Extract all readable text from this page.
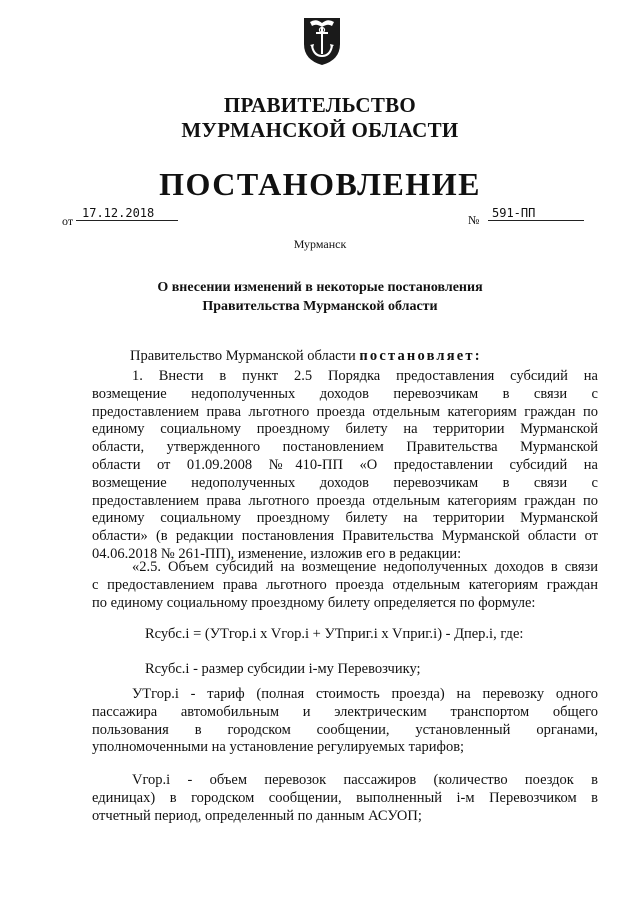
ПРАВИТЕЛЬСТВО
МУРМАНСКОЙ ОБЛАСТИ
ПОСТАНОВЛЕНИЕ
от
17.12.2018	№	591-ПП
Мурманск
О внесении изменений в некоторые постановления
Правительства Мурманской области
Правительство Мурманской области постановляет:
1. Внести в пункт 2.5 Порядка предоставления субсидий на
возмещение недополученных доходов перевозчикам в связи с
предоставлением права льготного проезда отдельным категориям граждан по
единому социальному проездному билету на территории Мурманской
области, утвержденного постановлением Правительства Мурманской
области от 01.09.2008 №410-ПП «О предоставлении субсидий на
возмещение недополученных доходов перевозчикам в связи с
предоставлением права льготного проезда отдельным категориям граждан по
единому социальному проездному билету на территории Мурманской
области» (в редакции постановления Правительства Мурманской области от
04.06.2018 № 261-ПП), изменение, изложив его в редакции:
«2.5. Объем субсидий на возмещение недополученных доходов в связи
с предоставлением права льготного проезда отдельным категориям граждан
по единому социальному проездному билету определяется по формуле:
Rсубс.i = (УТгор.i x Vгор.i + УТприг.i x Vприг.i) - Дпер.i, где:
Rсубс.i - размер субсидии i-му Перевозчику;
УТгор.i - тариф (полная стоимость проезда) на перевозку одного
пассажира автомобильным и электрическим транспортом общего
пользования в городском сообщении, установленный органами,
уполномоченными на установление регулируемых тарифов;
Vгор.i - объем перевозок пассажиров (количество поездок в
единицах) в городском сообщении, выполненный i-м Перевозчиком в
отчетный период, определенный по данным АСУОП;
